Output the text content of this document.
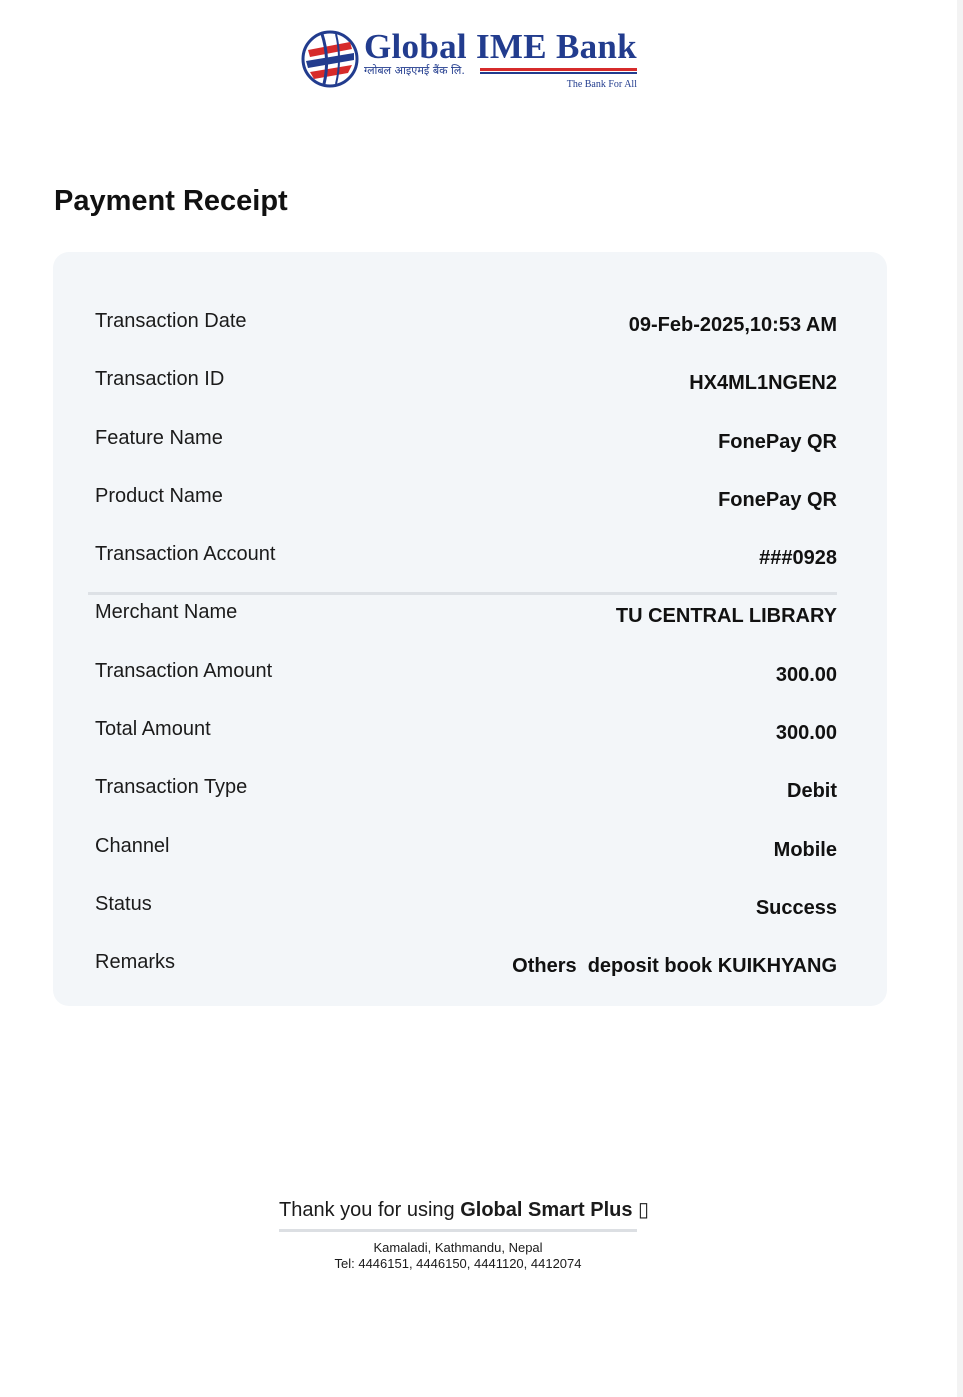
Global IME Bank
ग्लोबल आइएमई बैंक लि.
The Bank For All
Payment Receipt
Transaction Date	09-Feb-2025,10:53 AM
Transaction ID	HX4ML1NGEN2
Feature Name	FonePay QR
Product Name	FonePay QR
Transaction Account	###0928
Merchant Name	TU CENTRAL LIBRARY
Transaction Amount	300.00
Total Amount	300.00
Transaction Type	Debit
Channel	Mobile
Status	Success
Remarks	Others  deposit book KUIKHYANG
Thank you for using Global Smart Plus ▯
Kamaladi, Kathmandu, Nepal
Tel: 4446151, 4446150, 4441120, 4412074
